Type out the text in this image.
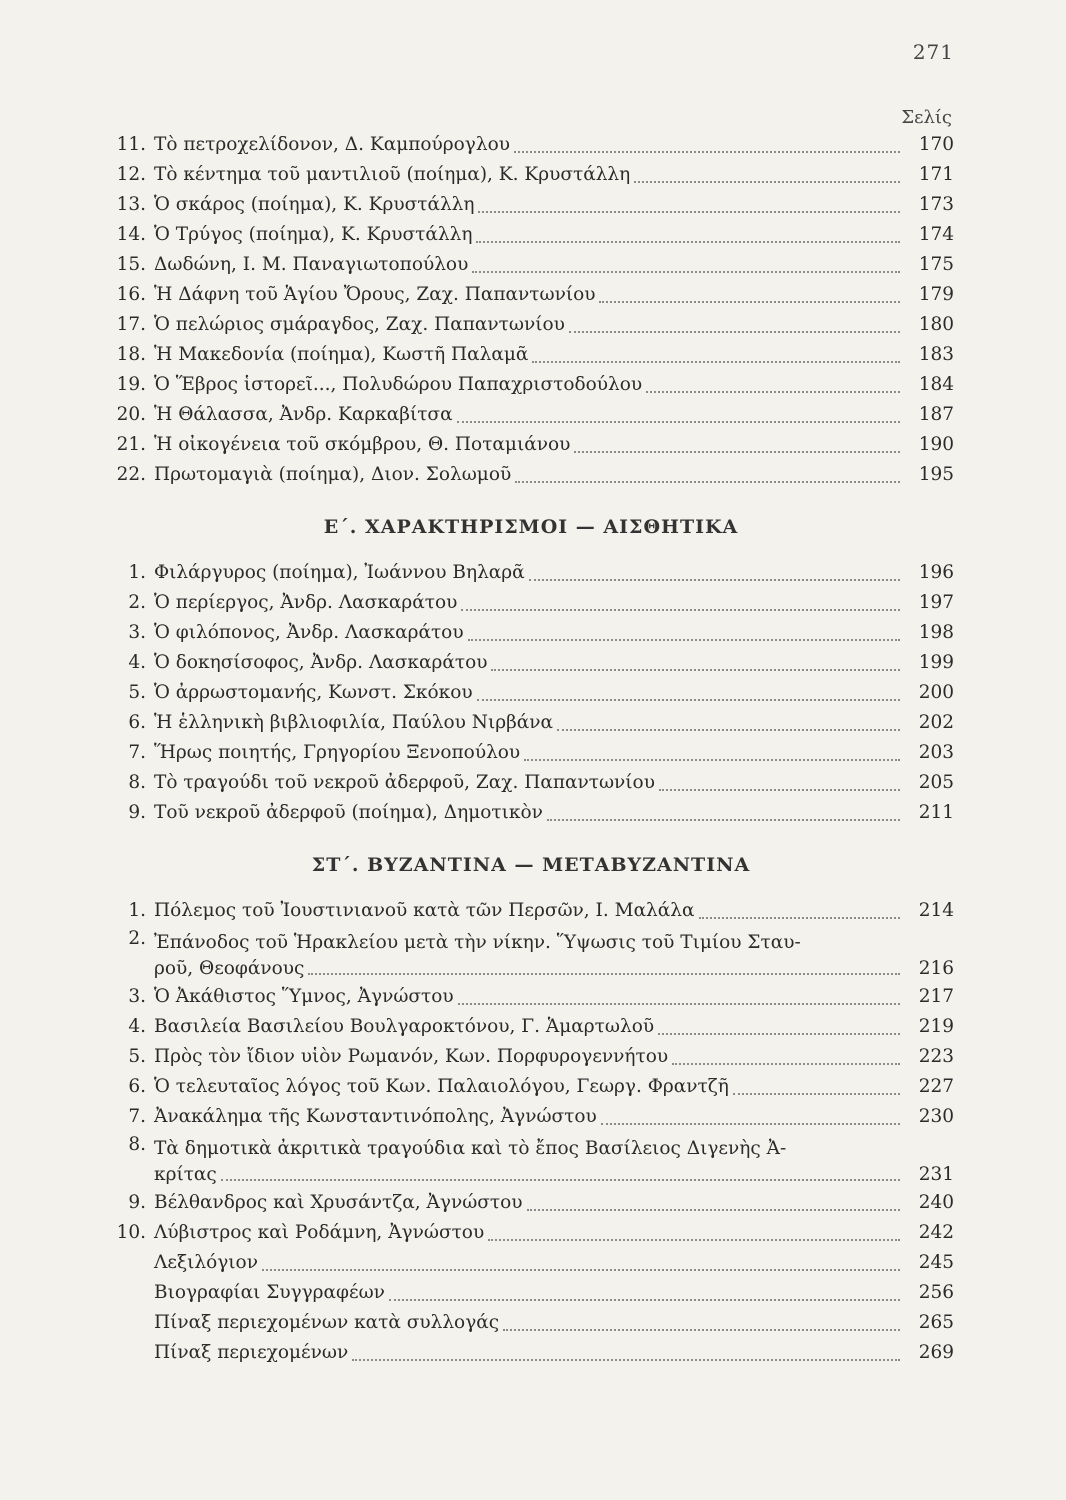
271
Σελίς
11. Τὸ πετροχελίδονον, Δ. Καμπούρογλου	170
12. Τὸ κέντημα τοῦ μαντιλιοῦ (ποίημα), Κ. Κρυστάλλη	171
13. Ὁ σκάρος (ποίημα), Κ. Κρυστάλλη	173
14. Ὁ Τρύγος (ποίημα), Κ. Κρυστάλλη	174
15. Δωδώνη, Ι. Μ. Παναγιωτοπούλου	175
16. Ἡ Δάφνη τοῦ Ἁγίου Ὄρους, Ζαχ. Παπαντωνίου	179
17. Ὁ πελώριος σμάραγδος, Ζαχ. Παπαντωνίου	180
18. Ἡ Μακεδονία (ποίημα), Κωστῆ Παλαμᾶ	183
19. Ὁ Ἕβρος ἱστορεῖ..., Πολυδώρου Παπαχριστοδούλου	184
20. Ἡ Θάλασσα, Ἀνδρ. Καρκαβίτσα	187
21. Ἡ οἰκογένεια τοῦ σκόμβρου, Θ. Ποταμιάνου	190
22. Πρωτομαγιὰ (ποίημα), Διον. Σολωμοῦ	195
Ε΄. ΧΑΡΑΚΤΗΡΙΣΜΟΙ — ΑΙΣΘΗΤΙΚΑ
1. Φιλάργυρος (ποίημα), Ἰωάννου Βηλαρᾶ	196
2. Ὁ περίεργος, Ἀνδρ. Λασκαράτου	197
3. Ὁ φιλόπονος, Ἀνδρ. Λασκαράτου	198
4. Ὁ δοκησίσοφος, Ἀνδρ. Λασκαράτου	199
5. Ὁ ἀρρωστομανής, Κωνστ. Σκόκου	200
6. Ἡ ἑλληνικὴ βιβλιοφιλία, Παύλου Νιρβάνα	202
7. Ἥρως ποιητής, Γρηγορίου Ξενοπούλου	203
8. Τὸ τραγούδι τοῦ νεκροῦ ἀδερφοῦ, Ζαχ. Παπαντωνίου	205
9. Τοῦ νεκροῦ ἀδερφοῦ (ποίημα), Δημοτικὸν	211
ΣΤ΄. ΒΥΖΑΝΤΙΝΑ — ΜΕΤΑΒΥΖΑΝΤΙΝΑ
1. Πόλεμος τοῦ Ἰουστινιανοῦ κατὰ τῶν Περσῶν, Ι. Μαλάλα	214
2. Ἐπάνοδος τοῦ Ἡρακλείου μετὰ τὴν νίκην. Ὕψωσις τοῦ Τιμίου Σταυ-
ροῦ, Θεοφάνους	216
3. Ὁ Ἀκάθιστος Ὕμνος, Ἀγνώστου	217
4. Βασιλεία Βασιλείου Βουλγαροκτόνου, Γ. Ἁμαρτωλοῦ	219
5. Πρὸς τὸν ἴδιον υἱὸν Ρωμανόν, Κων. Πορφυρογεννήτου	223
6. Ὁ τελευταῖος λόγος τοῦ Κων. Παλαιολόγου, Γεωργ. Φραντζῆ	227
7. Ἀνακάλημα τῆς Κωνσταντινόπολης, Ἀγνώστου	230
8. Τὰ δημοτικὰ ἀκριτικὰ τραγούδια καὶ τὸ ἔπος Βασίλειος Διγενὴς Ἀ-
κρίτας	231
9. Βέλθανδρος καὶ Χρυσάντζα, Ἀγνώστου	240
10. Λύβιστρος καὶ Ροδάμνη, Ἀγνώστου	242
Λεξιλόγιον	245
Βιογραφίαι Συγγραφέων	256
Πίναξ περιεχομένων κατὰ συλλογάς	265
Πίναξ περιεχομένων	269
